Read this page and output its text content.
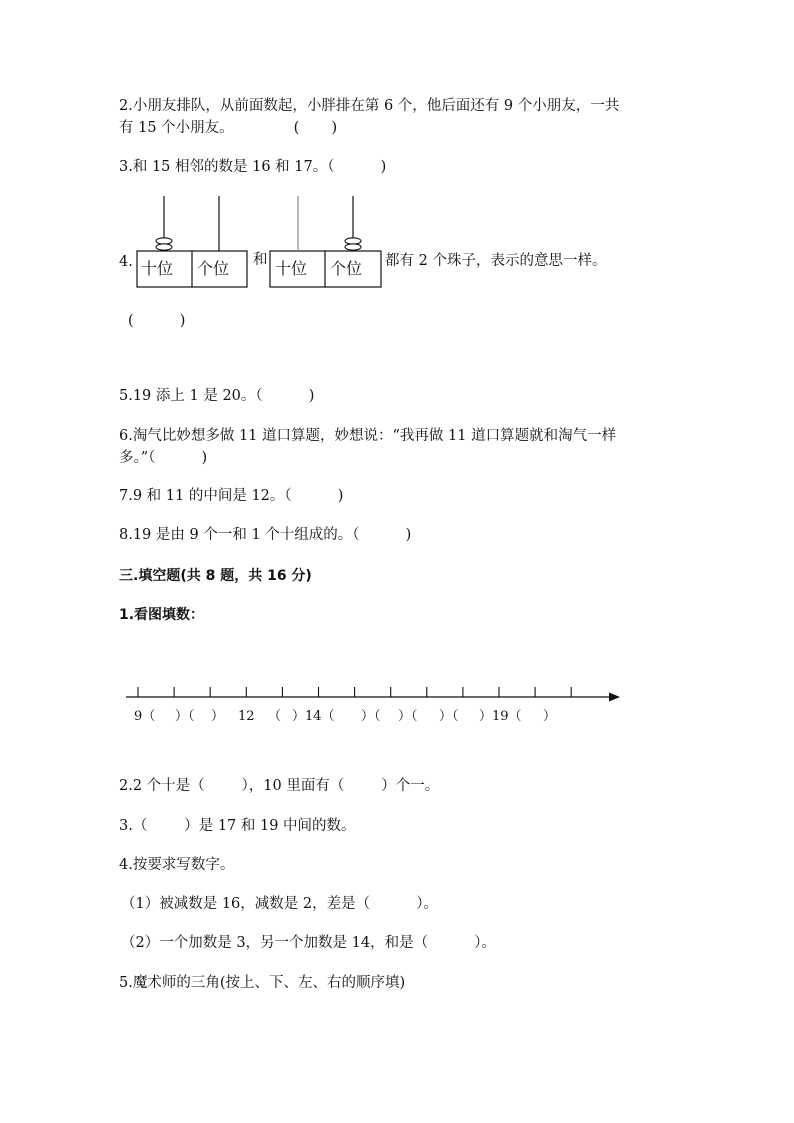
2.小朋友排队，从前面数起，小胖排在第 6 个，他后面还有 9 个小朋友，一共
有 15 个小朋友。             (       )
3.和 15 相邻的数是 16 和 17。（          )
4. 十位 个位 和 十位 个位 都有 2 个珠子，表示的意思一样。
(          )
5.19 添上 1 是 20。（          )
6.淘气比妙想多做 11 道口算题，妙想说：“我再做 11 道口算题就和淘气一样
多。”（          )
7.9 和 11 的中间是 12。（          )
8.19 是由 9 个一和 1 个十组成的。（          )
三.填空题(共 8 题，共 16 分)
1.看图填数：
9（ ）（ ） 12 （ ）14（ ）（ ）（ ）（ ）19（ ）
2.2 个十是（        ），10 里面有（        ）个一。
3.（        ）是 17 和 19 中间的数。
4.按要求写数字。
（1）被减数是 16，减数是 2，差是（          ）。
（2）一个加数是 3，另一个加数是 14，和是（          ）。
5.魔术师的三角(按上、下、左、右的顺序填)
